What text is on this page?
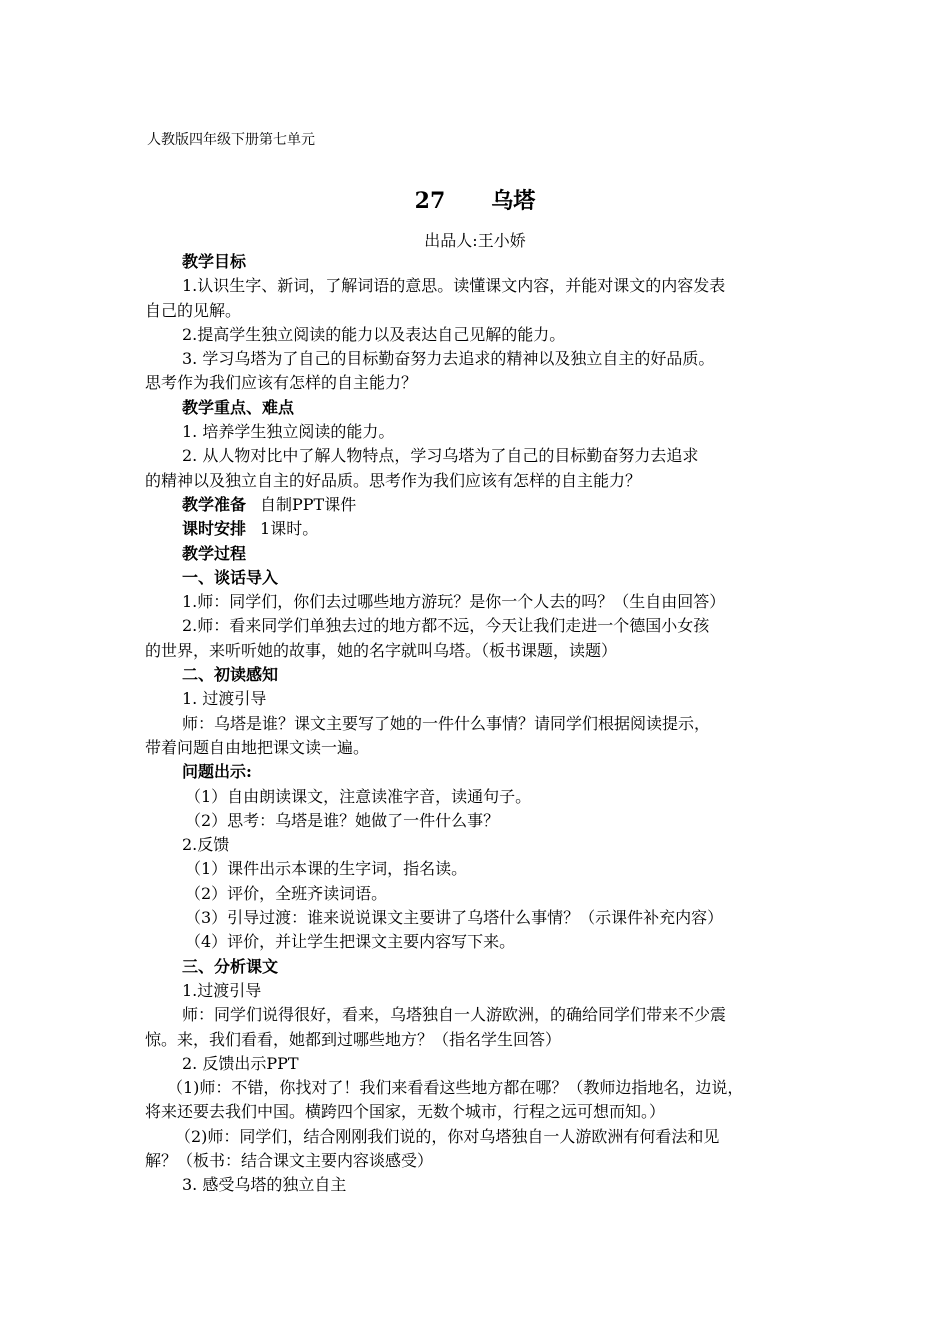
人教版四年级下册第七单元
27 乌塔
出品人:王小娇

教学目标

1.认识生字、新词，了解词语的意思。读懂课文内容，并能对课文的内容发表

自己的见解。

2.提高学生独立阅读的能力以及表达自己见解的能力。

3. 学习乌塔为了自己的目标勤奋努力去追求的精神以及独立自主的好品质。

思考作为我们应该有怎样的自主能力？

教学重点、难点

1. 培养学生独立阅读的能力。

2. 从人物对比中了解人物特点，学习乌塔为了自己的目标勤奋努力去追求

的精神以及独立自主的好品质。思考作为我们应该有怎样的自主能力？

教学准备 自制PPT课件

课时安排 1课时。

教学过程

一、谈话导入

1.师：同学们，你们去过哪些地方游玩？是你一个人去的吗？（生自由回答）

2.师：看来同学们单独去过的地方都不远，今天让我们走进一个德国小女孩

的世界，来听听她的故事，她的名字就叫乌塔。（板书课题，读题）

二、初读感知

1. 过渡引导

师：乌塔是谁？课文主要写了她的一件什么事情？请同学们根据阅读提示，

带着问题自由地把课文读一遍。

问题出示:

（1）自由朗读课文，注意读准字音，读通句子。

（2）思考：乌塔是谁？她做了一件什么事？

2.反馈

（1）课件出示本课的生字词，指名读。

（2）评价，全班齐读词语。

（3）引导过渡：谁来说说课文主要讲了乌塔什么事情？（示课件补充内容）

（4）评价，并让学生把课文主要内容写下来。

三、分析课文

1.过渡引导

师：同学们说得很好，看来，乌塔独自一人游欧洲，的确给同学们带来不少震

惊。来，我们看看，她都到过哪些地方？（指名学生回答）

2. 反馈出示PPT

（1)师：不错，你找对了！我们来看看这些地方都在哪？（教师边指地名，边说，

将来还要去我们中国。横跨四个国家，无数个城市，行程之远可想而知。）

（2)师：同学们，结合刚刚我们说的，你对乌塔独自一人游欧洲有何看法和见

解？（板书：结合课文主要内容谈感受）

3. 感受乌塔的独立自主
